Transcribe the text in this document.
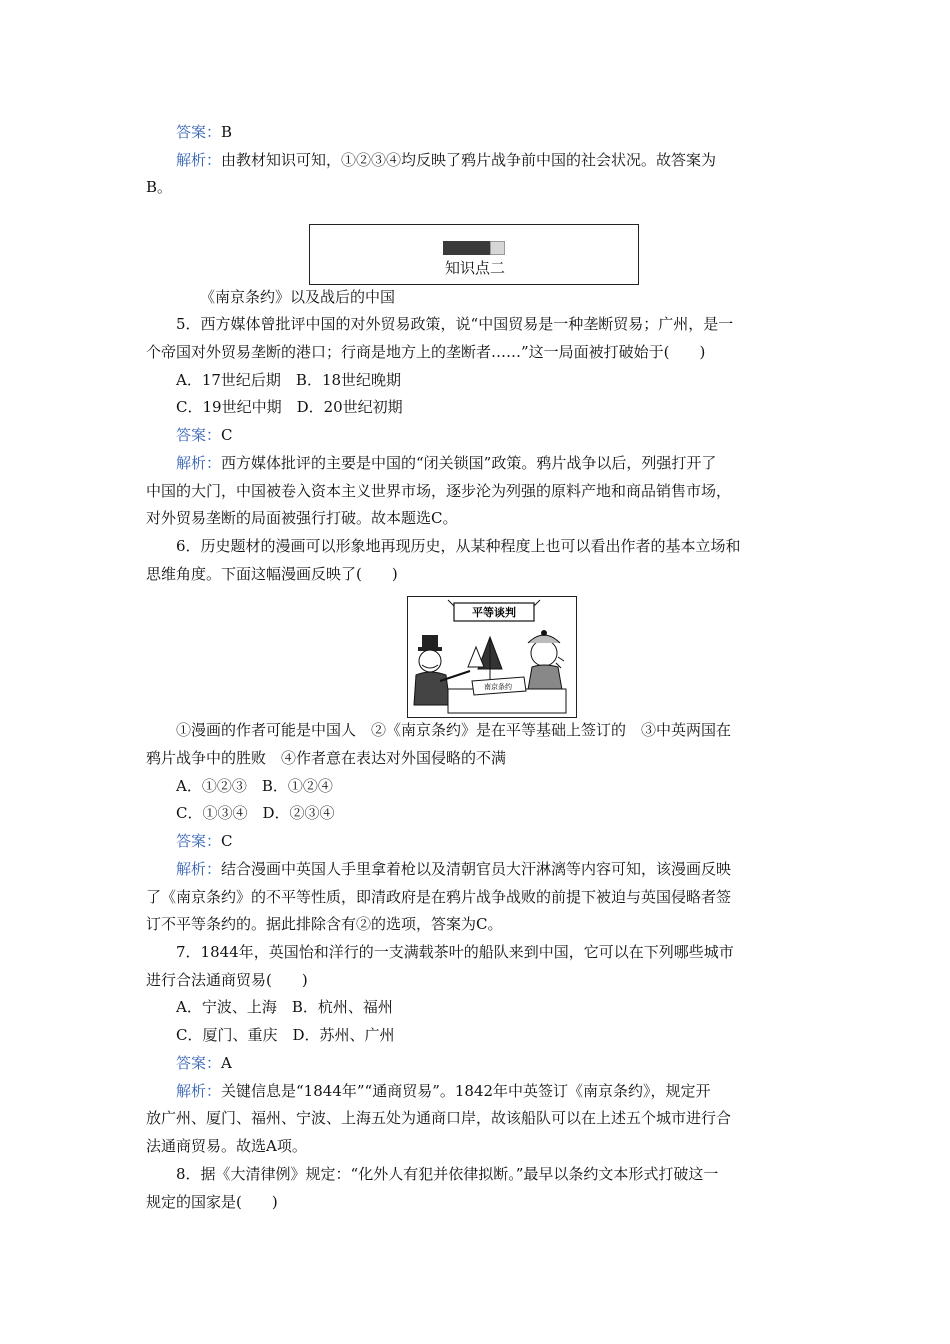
答案：B
解析：由教材知识可知，①②③④均反映了鸦片战争前中国的社会状况。故答案为
B。
知识点二
《南京条约》以及战后的中国
5．西方媒体曾批评中国的对外贸易政策，说“中国贸易是一种垄断贸易；广州，是一
个帝国对外贸易垄断的港口；行商是地方上的垄断者……”这一局面被打破始于(　　)
A．17世纪后期　B．18世纪晚期
C．19世纪中期　D．20世纪初期
答案：C
解析：西方媒体批评的主要是中国的“闭关锁国”政策。鸦片战争以后，列强打开了
中国的大门，中国被卷入资本主义世界市场，逐步沦为列强的原料产地和商品销售市场，
对外贸易垄断的局面被强行打破。故本题选C。
6．历史题材的漫画可以形象地再现历史，从某种程度上也可以看出作者的基本立场和
思维角度。下面这幅漫画反映了(　　)
平等谈判
南京条约
①漫画的作者可能是中国人　②《南京条约》是在平等基础上签订的　③中英两国在
鸦片战争中的胜败　④作者意在表达对外国侵略的不满
A．①②③　B．①②④
C．①③④　D．②③④
答案：C
解析：结合漫画中英国人手里拿着枪以及清朝官员大汗淋漓等内容可知，该漫画反映
了《南京条约》的不平等性质，即清政府是在鸦片战争战败的前提下被迫与英国侵略者签
订不平等条约的。据此排除含有②的选项，答案为C。
7．1844年，英国怡和洋行的一支满载茶叶的船队来到中国，它可以在下列哪些城市
进行合法通商贸易(　　)
A．宁波、上海　B．杭州、福州
C．厦门、重庆　D．苏州、广州
答案：A
解析：关键信息是“1844年”“通商贸易”。1842年中英签订《南京条约》，规定开
放广州、厦门、福州、宁波、上海五处为通商口岸，故该船队可以在上述五个城市进行合
法通商贸易。故选A项。
8．据《大清律例》规定：“化外人有犯并依律拟断。”最早以条约文本形式打破这一
规定的国家是(　　)
